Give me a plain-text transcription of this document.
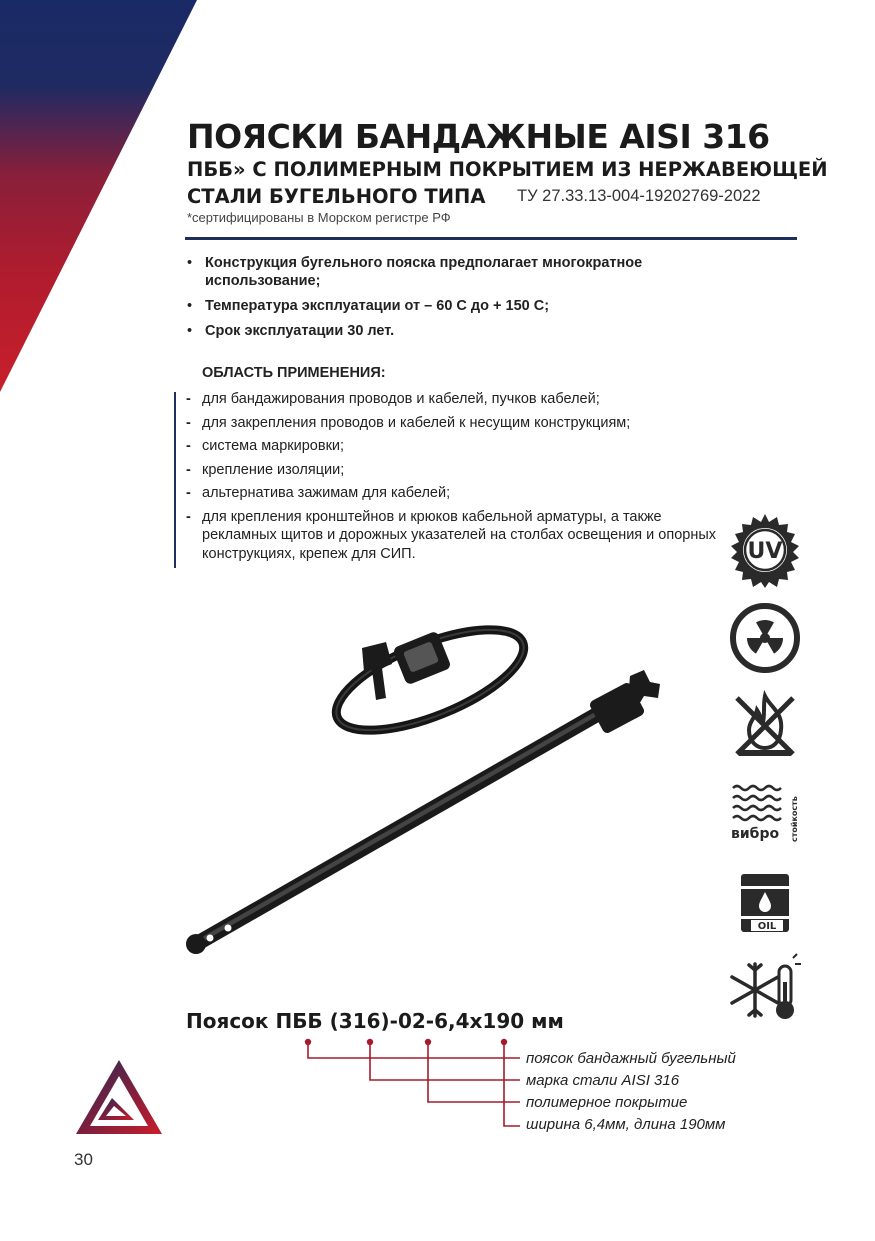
ПОЯСКИ БАНДАЖНЫЕ AISI 316
ПББ» С ПОЛИМЕРНЫМ ПОКРЫТИЕМ ИЗ НЕРЖАВЕЮЩЕЙ
СТАЛИ БУГЕЛЬНОГО ТИПА	ТУ 27.33.13-004-19202769-2022
*сертифицированы в Морском регистре РФ
• Конструкция бугельного пояска предполагает многократное использование;
• Температура эксплуатации от – 60 С до + 150 С;
• Срок эксплуатации 30 лет.
ОБЛАСТЬ ПРИМЕНЕНИЯ:
- для бандажирования проводов и кабелей, пучков кабелей;
- для закрепления проводов и кабелей к несущим конструкциям;
- система маркировки;
- крепление изоляции;
- альтернатива зажимам для кабелей;
- для крепления кронштейнов и крюков кабельной арматуры, а также рекламных щитов и дорожных указателей на столбах освещения и опорных конструкциях, крепеж для СИП.	UV
вибро стойкость
OIL
Поясок ПББ (316)-02-6,4х190 мм
поясок бандажный бугельный
марка стали AISI 316
полимерное покрытие
ширина 6,4мм, длина 190мм
30
